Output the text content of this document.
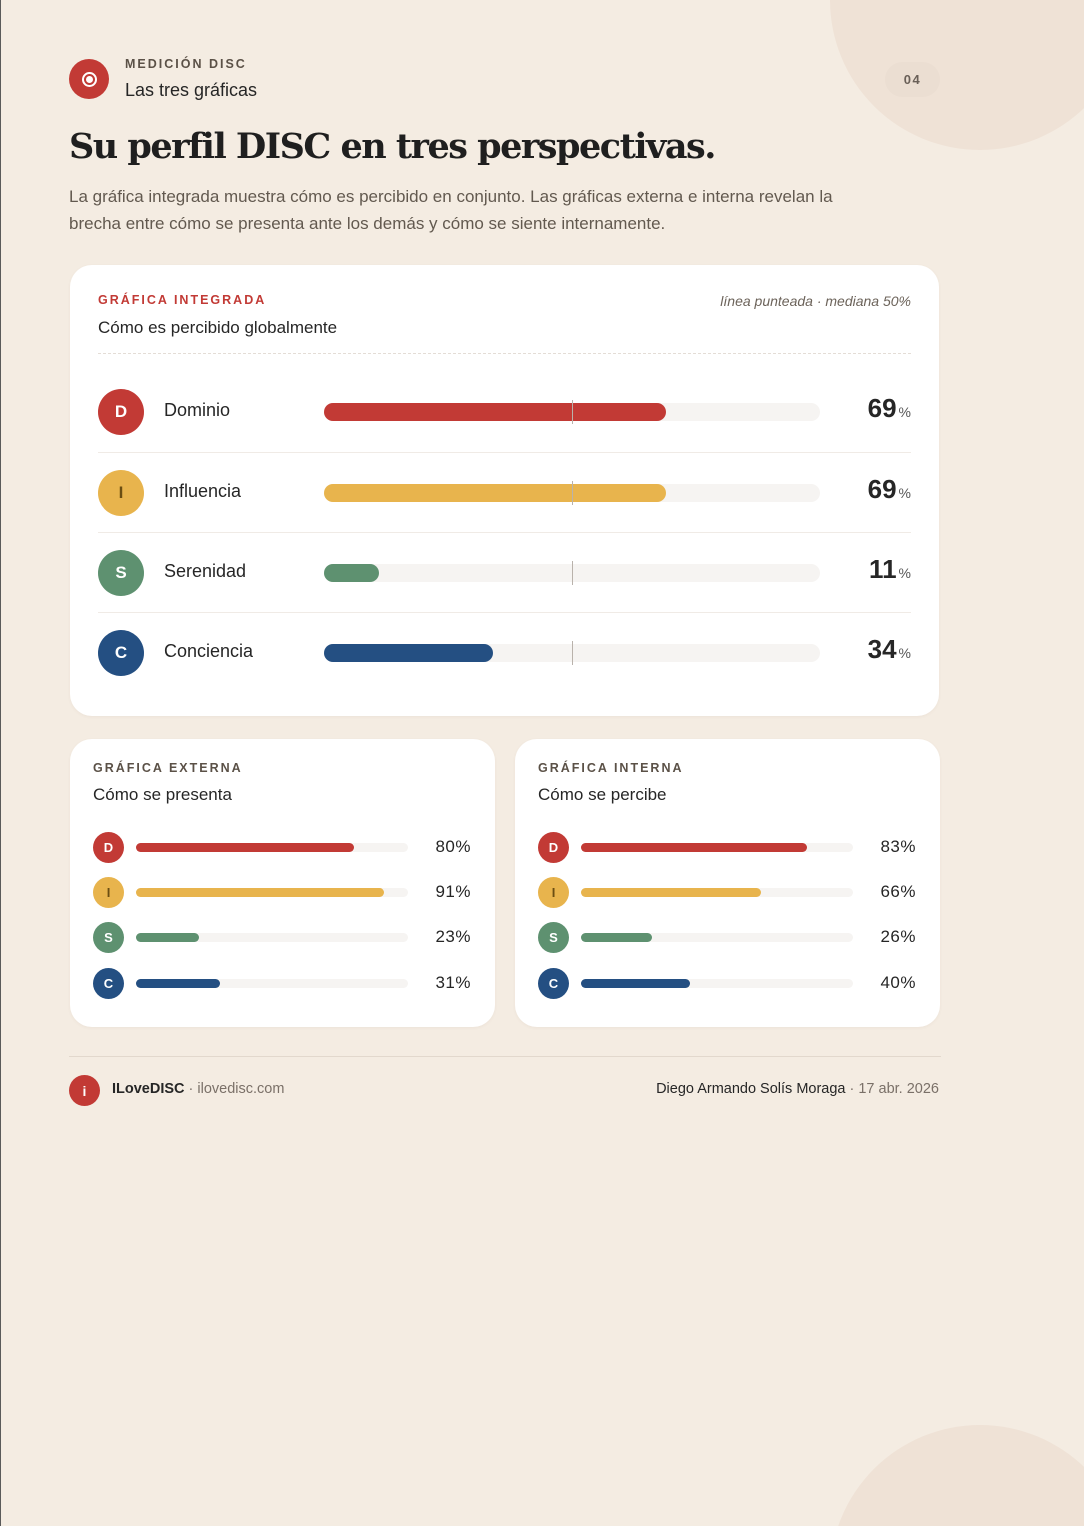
MEDICIÓN DISC
Las tres gráficas
04
Su perfil DISC en tres perspectivas.

La gráfica integrada muestra cómo es percibido en conjunto. Las gráficas externa e interna revelan la brecha entre cómo se presenta ante los demás y cómo se siente internamente.

GRÁFICA INTEGRADA
Cómo es percibido globalmente
línea punteada · mediana 50%
D	Dominio	69 %
I	Influencia	69 %
S	Serenidad	11 %
C	Conciencia	34 %
GRÁFICA EXTERNA
Cómo se presenta
D	80%
I	91%
S	23%
C	31%
GRÁFICA INTERNA
Cómo se percibe
D	83%
I	66%
S	26%
C	40%
i	ILoveDISC · ilovedisc.com	Diego Armando Solís Moraga · 17 abr. 2026
